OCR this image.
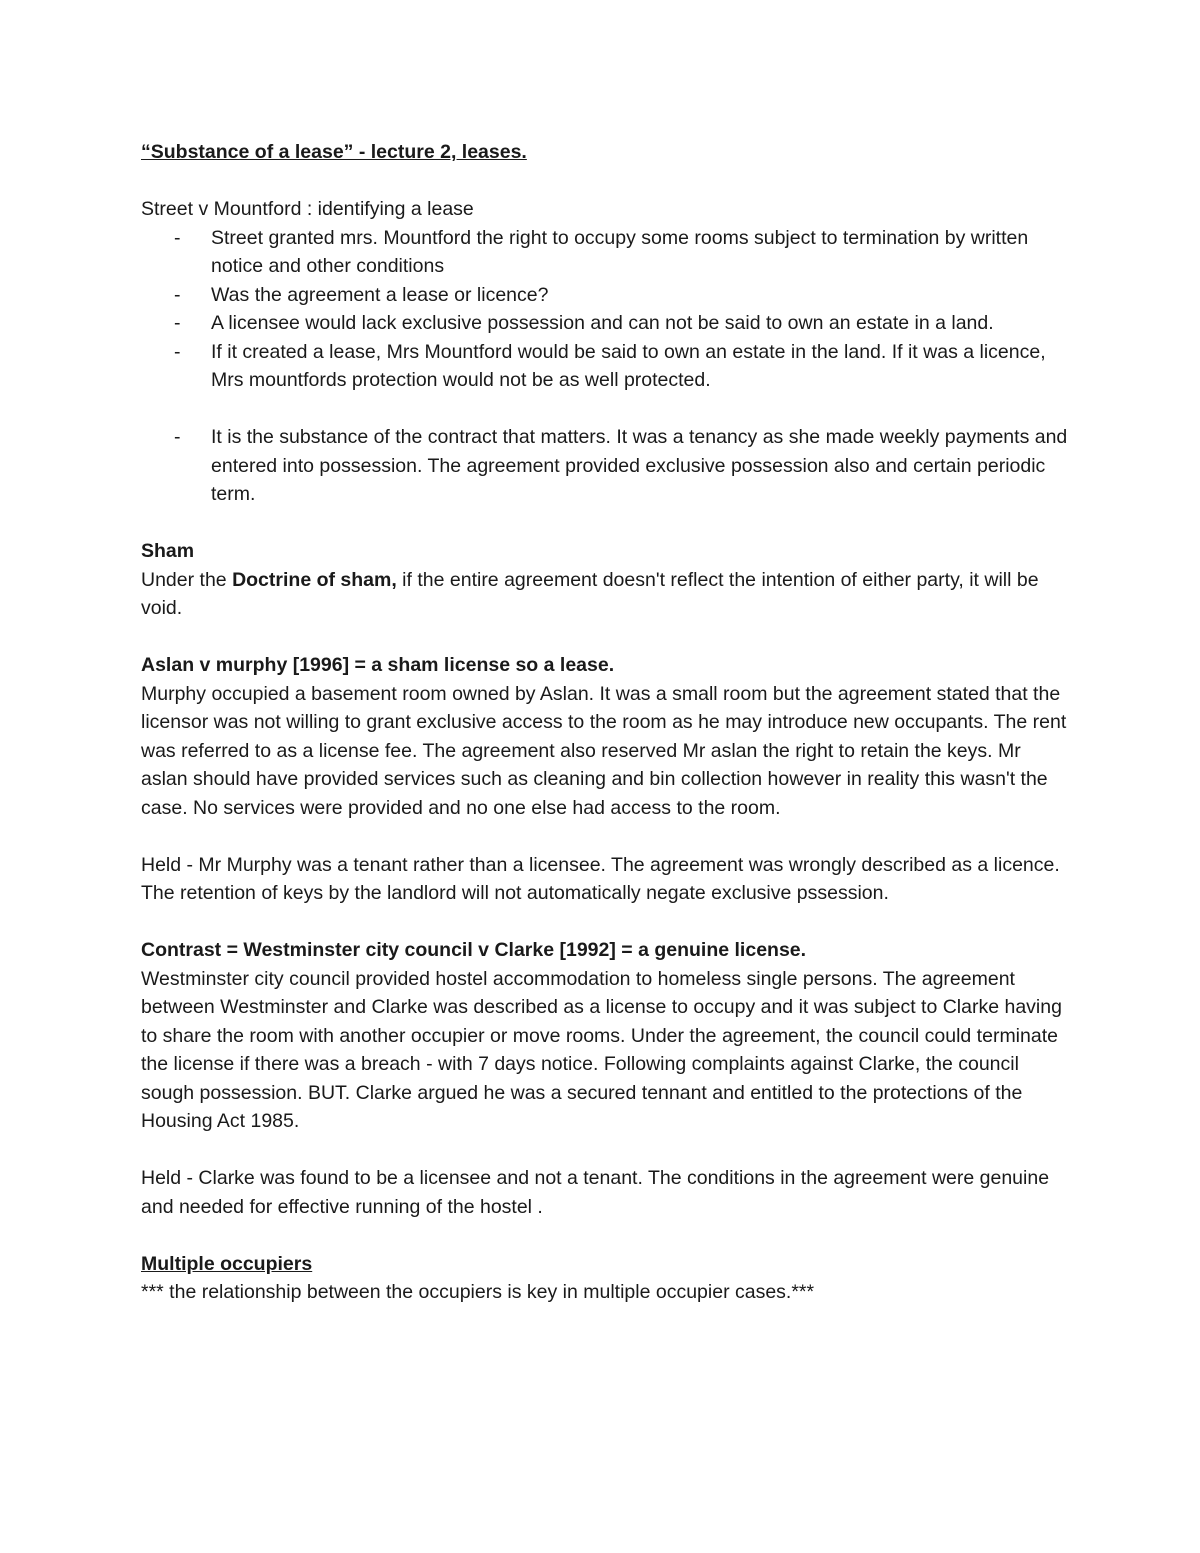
“Substance of a lease” - lecture 2, leases.

Street v Mountford : identifying a lease

- Street granted mrs. Mountford the right to occupy some rooms subject to termination by written notice and other conditions
- Was the agreement a lease or licence?
- A licensee would lack exclusive possession and can not be said to own an estate in a land.
- If it created a lease, Mrs Mountford would be said to own an estate in the land. If it was a licence, Mrs mountfords protection would not be as well protected.
- It is the substance of the contract that matters. It was a tenancy as she made weekly payments and entered into possession. The agreement provided exclusive possession also and certain periodic term.

Sham

Under the Doctrine of sham, if the entire agreement doesn't reflect the intention of either party, it will be void.

Aslan v murphy [1996] = a sham license so a lease.

Murphy occupied a basement room owned by Aslan. It was a small room but the agreement stated that the licensor was not willing to grant exclusive access to the room as he may introduce new occupants. The rent was referred to as a license fee. The agreement also reserved Mr aslan the right to retain the keys. Mr aslan should have provided services such as cleaning and bin collection however in reality this wasn't the case. No services were provided and no one else had access to the room.

Held - Mr Murphy was a tenant rather than a licensee. The agreement was wrongly described as a licence. The retention of keys by the landlord will not automatically negate exclusive pssession.

Contrast = Westminster city council v Clarke [1992] = a genuine license.

Westminster city council provided hostel accommodation to homeless single persons. The agreement between Westminster and Clarke was described as a license to occupy and it was subject to Clarke having to share the room with another occupier or move rooms. Under the agreement, the council could terminate the license if there was a breach - with 7 days notice. Following complaints against Clarke, the council sough possession. BUT. Clarke argued he was a secured tennant and entitled to the protections of the Housing Act 1985.

Held - Clarke was found to be a licensee and not a tenant. The conditions in the agreement were genuine and needed for effective running of the hostel .

Multiple occupiers

*** the relationship between the occupiers is key in multiple occupier cases.***
